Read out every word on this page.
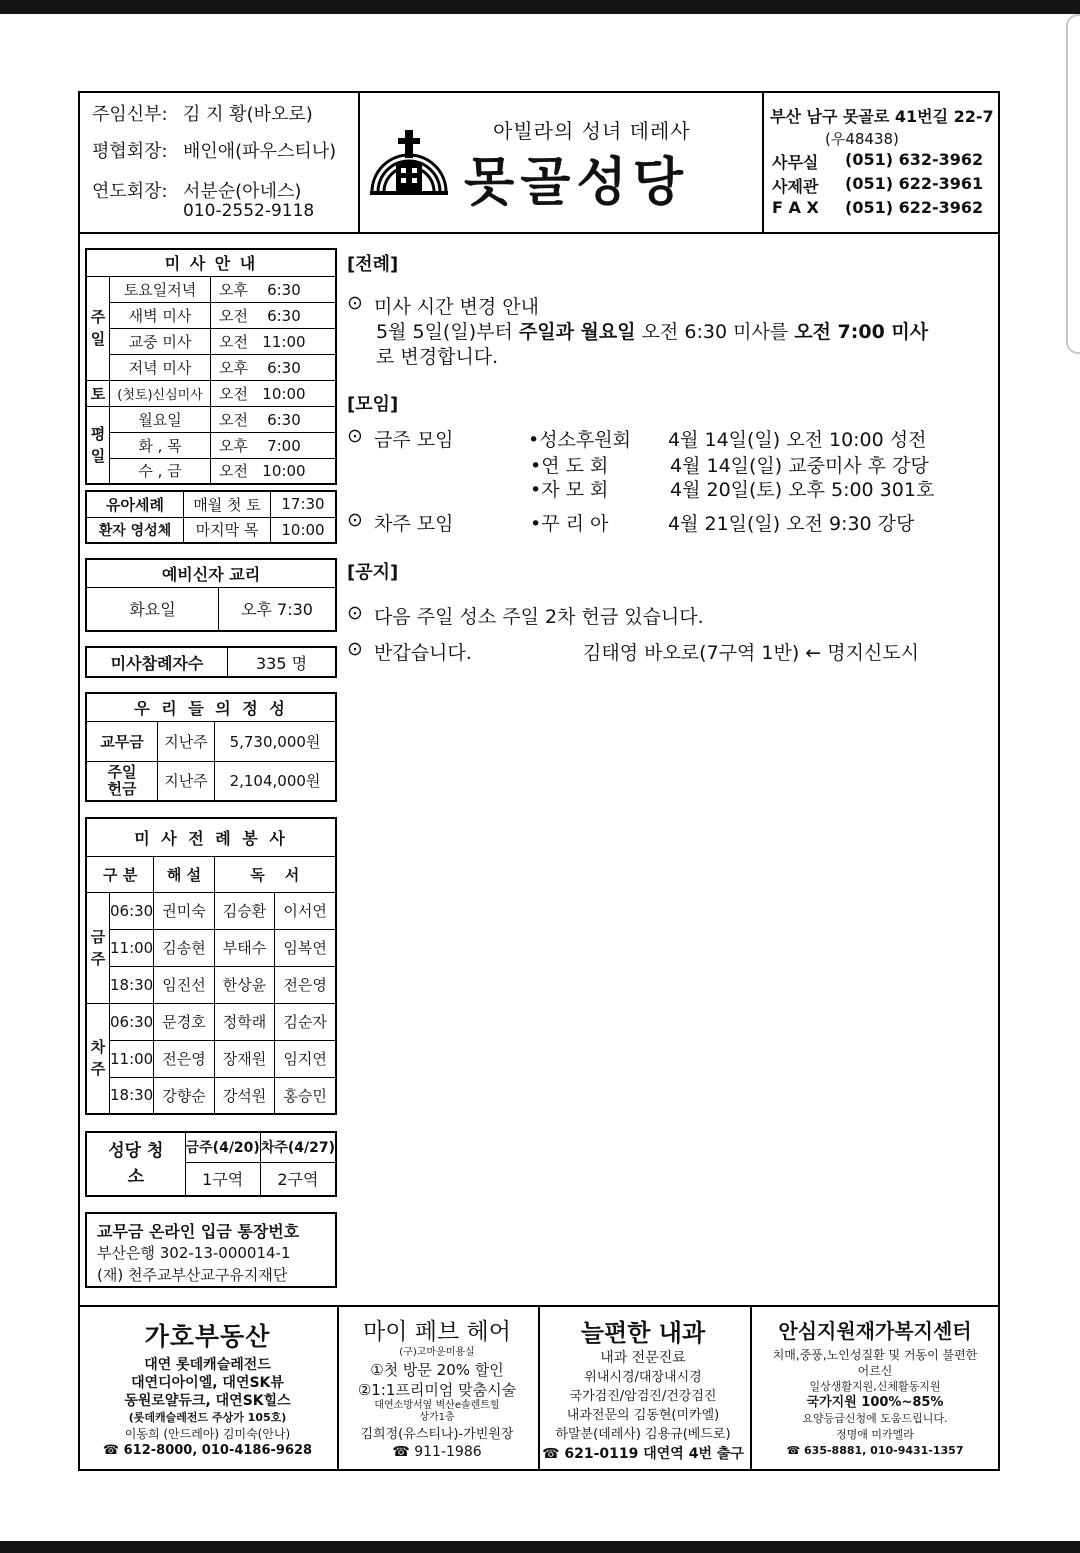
주임신부: 김 지 황(바오로)
평협회장: 배인애(파우스티나)
연도회장: 서분순(아네스)
010-2552-9118
아빌라의 성녀 데레사
못골성당
부산 남구 못골로 41번길 22-7
(우48438)
사무실 (051) 632-3962
사제관 (051) 622-3961
F A X (051) 622-3962
미 사 안 내		
주일	토요일저녁	오후 6:30
	새벽 미사	오전 6:30
	교중 미사	오전 11:00
	저녁 미사	오후 6:30
토	(첫토)신심미사	오전 10:00
평일	월요일	오전 6:30
	화 , 목	오후 7:00
	수 , 금	오전 10:00
유아세례	매월 첫 토	17:30
환자 영성체	마지막 목	10:00
예비신자 교리
화요일	오후 7:30
미사참례자수	335 명
우 리 들 의 정 성		
교무금	지난주	5,730,000원
주일 헌금	지난주	2,104,000원
미 사 전 례 봉 사				
구 분		해 설	독	서
금주	06:30	권미숙	김승환	이서연
	11:00	김송현	부태수	임복연
	18:30	임진선	한상윤	전은영
차주	06:30	문경호	정학래	김순자
	11:00	전은영	장재원	임지연
	18:30	강향순	강석원	홍승민
성당 청소	금주(4/20)	차주(4/27)
	1구역	2구역
교무금 온라인 입금 통장번호
부산은행 302-13-000014-1
(재) 천주교부산교구유지재단
[전례]
⊙ 미사 시간 변경 안내
5월 5일(일)부터 주일과 월요일 오전 6:30 미사를 오전 7:00 미사
로 변경합니다.
[모임]
⊙ 금주 모임	•성소후원회 4월 14일(일) 오전 10:00 성전
•연 도 회	4월 14일(일) 교중미사 후 강당
•자 모 회	4월 20일(토) 오후 5:00 301호
⊙ 차주 모임	•꾸 리 아	4월 21일(일) 오전 9:30 강당
[공지]
⊙ 다음 주일 성소 주일 2차 헌금 있습니다.
⊙ 반갑습니다.	김태영 바오로(7구역 1반) ← 명지신도시
가호부동산
대연 롯데캐슬레전드
대연디아이엘, 대연SK뷰
동원로얄듀크, 대연SK힐스
(롯데캐슬레전드 주상가 105호)
이동희 (안드레아) 김미숙(안나)
☎ 612-8000, 010-4186-9628
마이 페브 헤어
(구)고마운미용실
①첫 방문 20% 할인
②1:1프리미엄 맞춤시술
대연소방서옆 벽산e솔렌트힐
상가1층
김희정(유스티나)-가빈원장
☎ 911-1986
늘편한 내과
내과 전문진료
위내시경/대장내시경
국가검진/암검진/건강검진
내과전문의 김동현(미카엘)
하말분(데레사) 김용규(베드로)
☎ 621-0119 대연역 4번 출구
안심지원재가복지센터
치매,중풍,노인성질환 및 거동이 불편한
어르신
일상생활지원,신체활동지원
국가지원 100%~85%
요양등급신청에 도움드립니다.
정명애 미카엘라
☎ 635-8881, 010-9431-1357
